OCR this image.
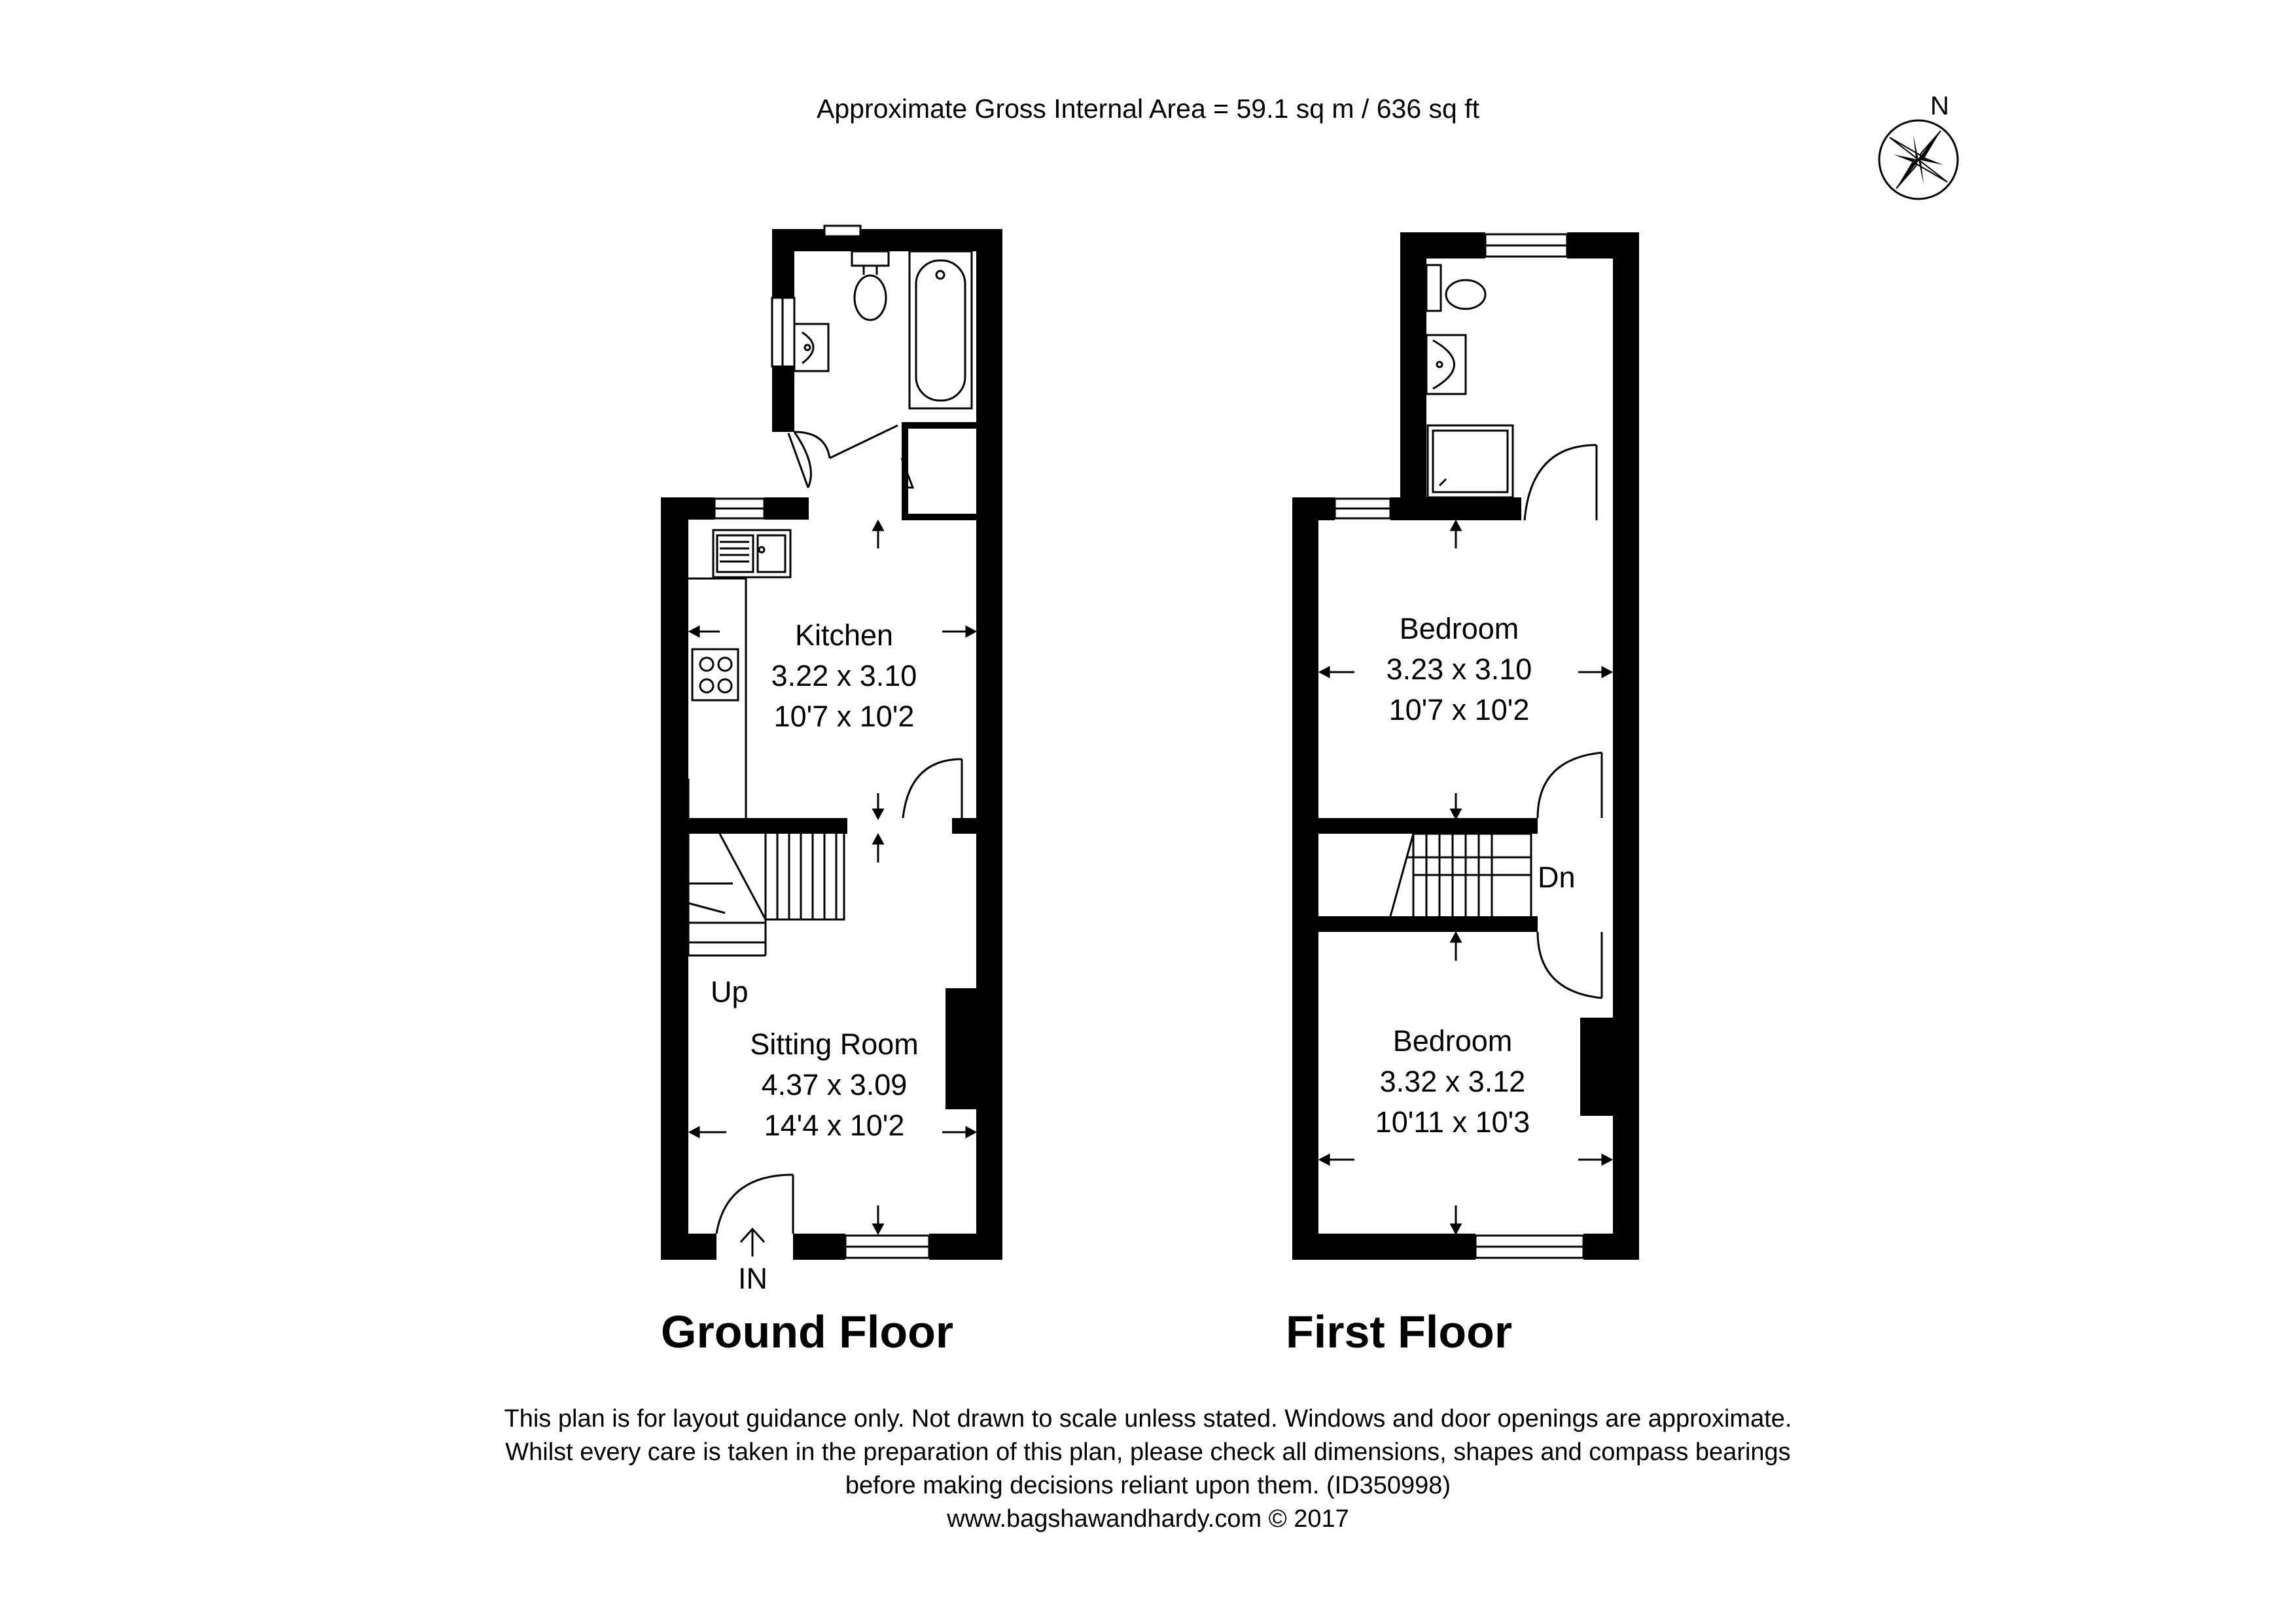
Approximate Gross Internal Area = 59.1 sq m / 636 sq ft	N
Kitchen
3.22 x 3.10
10'7 x 10'2
Sitting Room
4.37 x 3.09
14'4 x 10'2
Bedroom
3.23 x 3.10
10'7 x 10'2
Bedroom
3.32 x 3.12
10'11 x 10'3
Up
IN
Dn
Ground Floor	First Floor
This plan is for layout guidance only. Not drawn to scale unless stated. Windows and door openings are approximate.
Whilst every care is taken in the preparation of this plan, please check all dimensions, shapes and compass bearings
before making decisions reliant upon them. (ID350998)
www.bagshawandhardy.com © 2017
